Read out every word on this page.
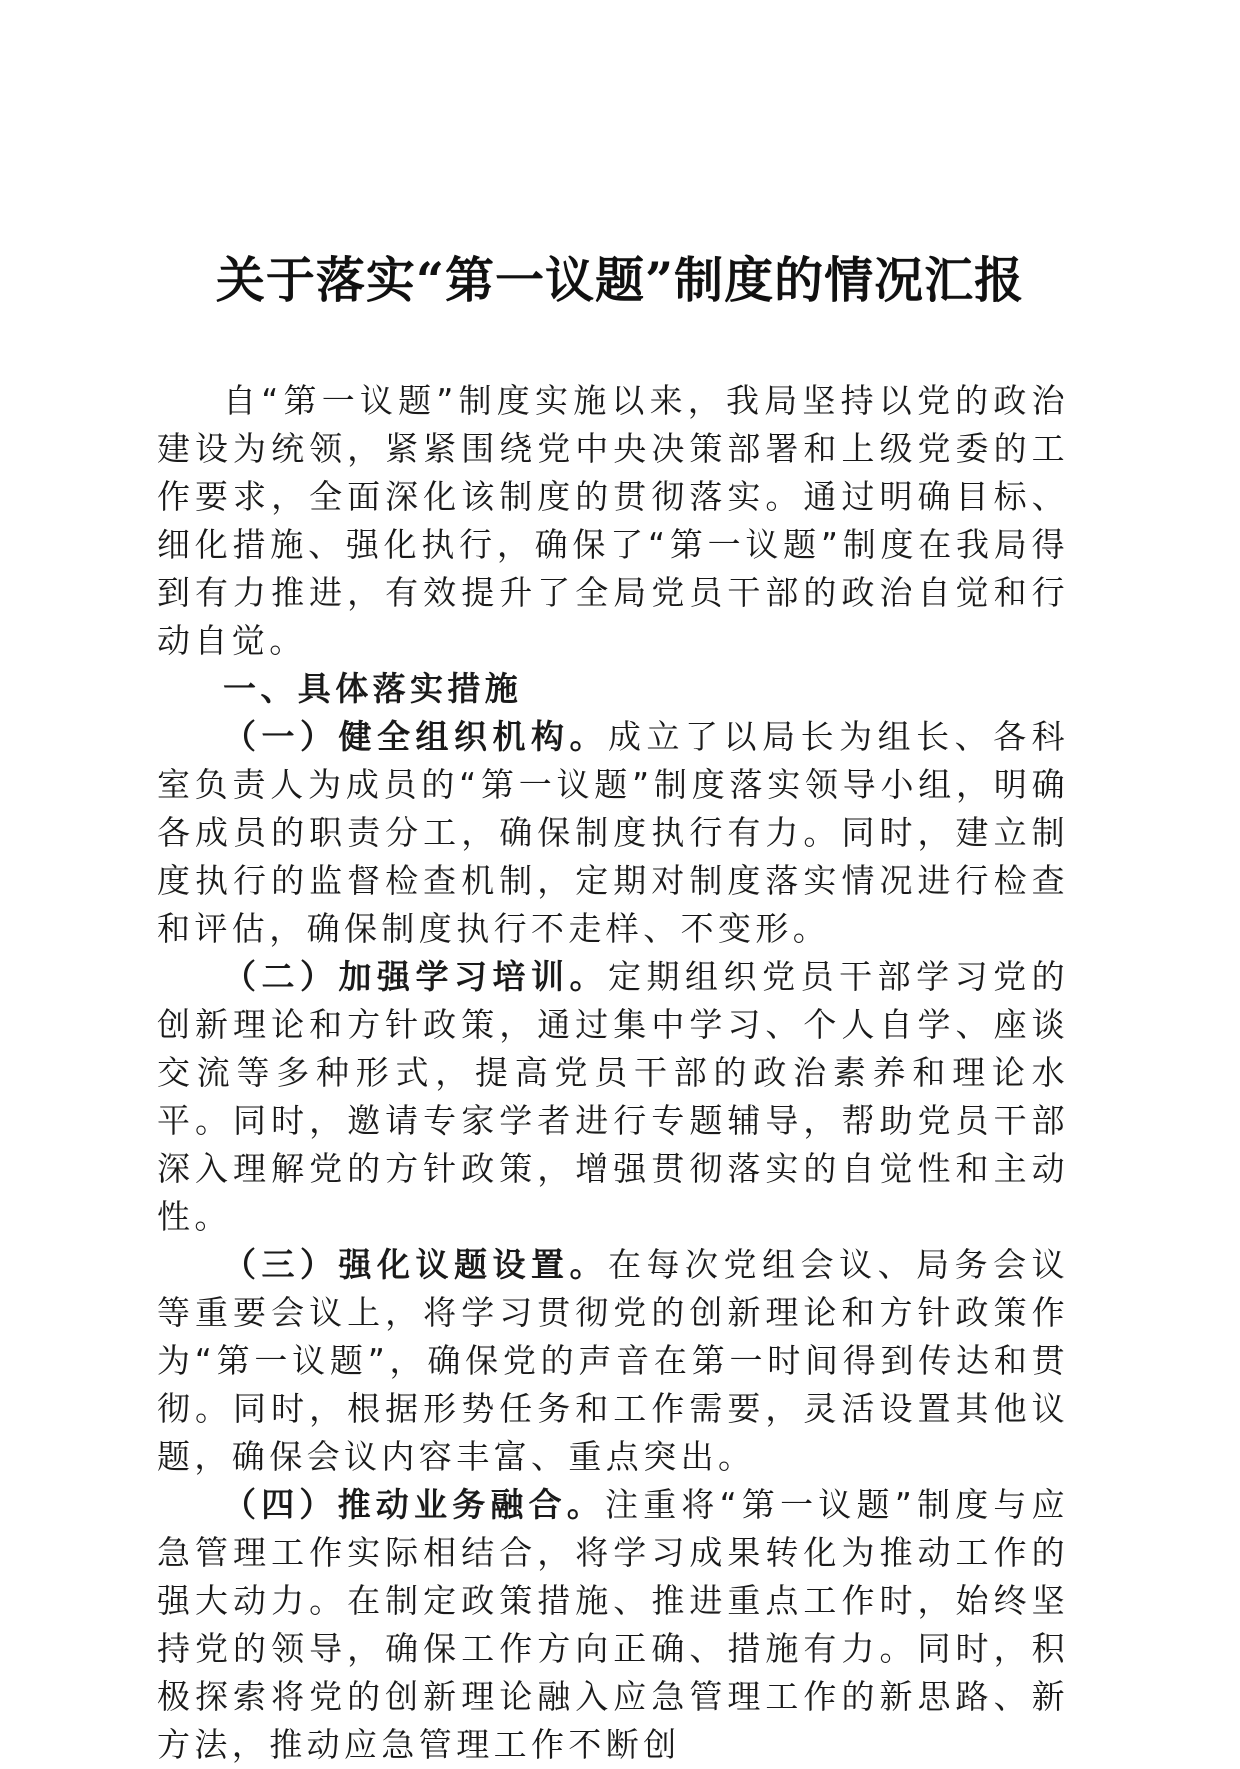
关于落实“第一议题”制度的情况汇报

自“第一议题”制度实施以来，我局坚持以党的政治建设为统领，紧紧围绕党中央决策部署和上级党委的工作要求，全面深化该制度的贯彻落实。通过明确目标、细化措施、强化执行，确保了“第一议题”制度在我局得到有力推进，有效提升了全局党员干部的政治自觉和行动自觉。

一、具体落实措施

（一）健全组织机构。成立了以局长为组长、各科室负责人为成员的“第一议题”制度落实领导小组，明确各成员的职责分工，确保制度执行有力。同时，建立制度执行的监督检查机制，定期对制度落实情况进行检查和评估，确保制度执行不走样、不变形。

（二）加强学习培训。定期组织党员干部学习党的创新理论和方针政策，通过集中学习、个人自学、座谈交流等多种形式，提高党员干部的政治素养和理论水平。同时，邀请专家学者进行专题辅导，帮助党员干部深入理解党的方针政策，增强贯彻落实的自觉性和主动性。

（三）强化议题设置。在每次党组会议、局务会议等重要会议上，将学习贯彻党的创新理论和方针政策作为“第一议题”，确保党的声音在第一时间得到传达和贯彻。同时，根据形势任务和工作需要，灵活设置其他议题，确保会议内容丰富、重点突出。

（四）推动业务融合。注重将“第一议题”制度与应急管理工作实际相结合，将学习成果转化为推动工作的强大动力。在制定政策措施、推进重点工作时，始终坚持党的领导，确保工作方向正确、措施有力。同时，积极探索将党的创新理论融入应急管理工作的新思路、新方法，推动应急管理工作不断创
